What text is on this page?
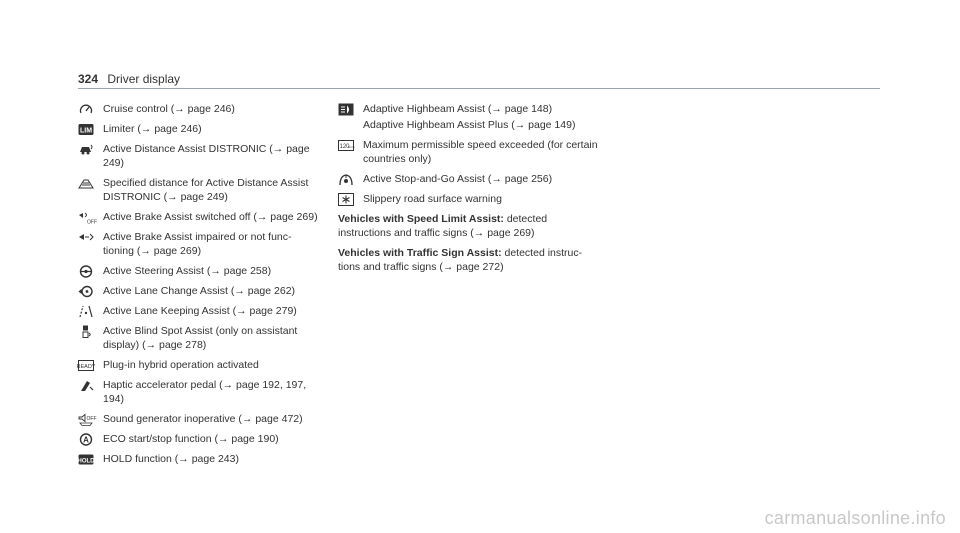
324 Driver display
Cruise control (→ page 246)
LIM Limiter (→ page 246)
Active Distance Assist DISTRONIC (→ page 249)
Specified distance for Active Distance Assist DISTRONIC (→ page 249)
OFF Active Brake Assist switched off (→ page 269)
Active Brake Assist impaired or not func-tioning (→ page 269)
Active Steering Assist (→ page 258)
Active Lane Change Assist (→ page 262)
Active Lane Keeping Assist (→ page 279)
Active Blind Spot Assist (only on assistant display) (→ page 278)
READY Plug-in hybrid operation activated
Haptic accelerator pedal (→ page 192, 197, 194)
OFF Sound generator inoperative (→ page 472)
A ECO start/stop function (→ page 190)
HOLD HOLD function (→ page 243)
Adaptive Highbeam Assist (→ page 148)
Adaptive Highbeam Assist Plus (→ page 149)
120
km/h Maximum permissible speed exceeded (for certain countries only)
Active Stop-and-Go Assist (→ page 256)
Slippery road surface warning
Vehicles with Speed Limit Assist: detected instructions and traffic signs (→ page 269)
Vehicles with Traffic Sign Assist: detected instruc-tions and traffic signs (→ page 272)
carmanualsonline.info
